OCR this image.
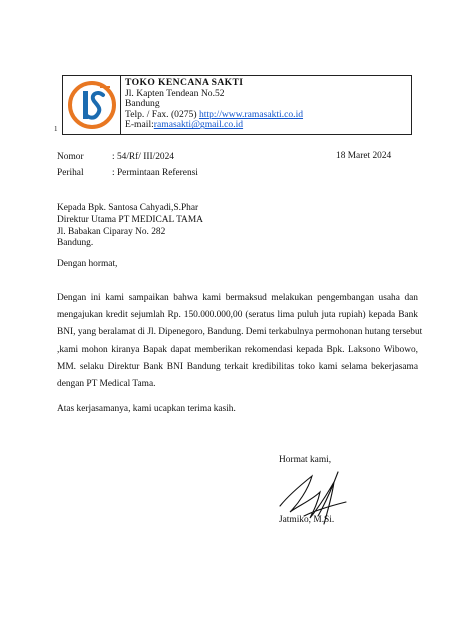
TOKO KENCANA SAKTI
Jl. Kapten Tendean No.52
Bandung
Telp. / Fax. (0275) http://www.ramasakti.co.id
E-mail:ramasakti@gmail.co.id
1
Nomor	: 54/Rf/ III/2024	18 Maret 2024
Perihal	: Permintaan Referensi
Kepada Bpk. Santosa Cahyadi,S.Phar
Direktur Utama PT MEDICAL TAMA
Jl. Babakan Ciparay No. 282
Bandung.
Dengan hormat,
Dengan ini kami sampaikan bahwa kami bermaksud melakukan pengembangan usaha dan
mengajukan kredit sejumlah Rp. 150.000.000,00 (seratus lima puluh juta rupiah) kepada Bank
BNI, yang beralamat di Jl. Dipenegoro, Bandung. Demi terkabulnya permohonan hutang tersebut
,kami mohon kiranya Bapak dapat memberikan rekomendasi kepada Bpk. Laksono Wibowo,
MM. selaku Direktur Bank BNI Bandung terkait kredibilitas toko kami selama bekerjasama
dengan PT Medical Tama.
Atas kerjasamanya, kami ucapkan terima kasih.
Hormat kami,
Jatmiko, M.Si.
